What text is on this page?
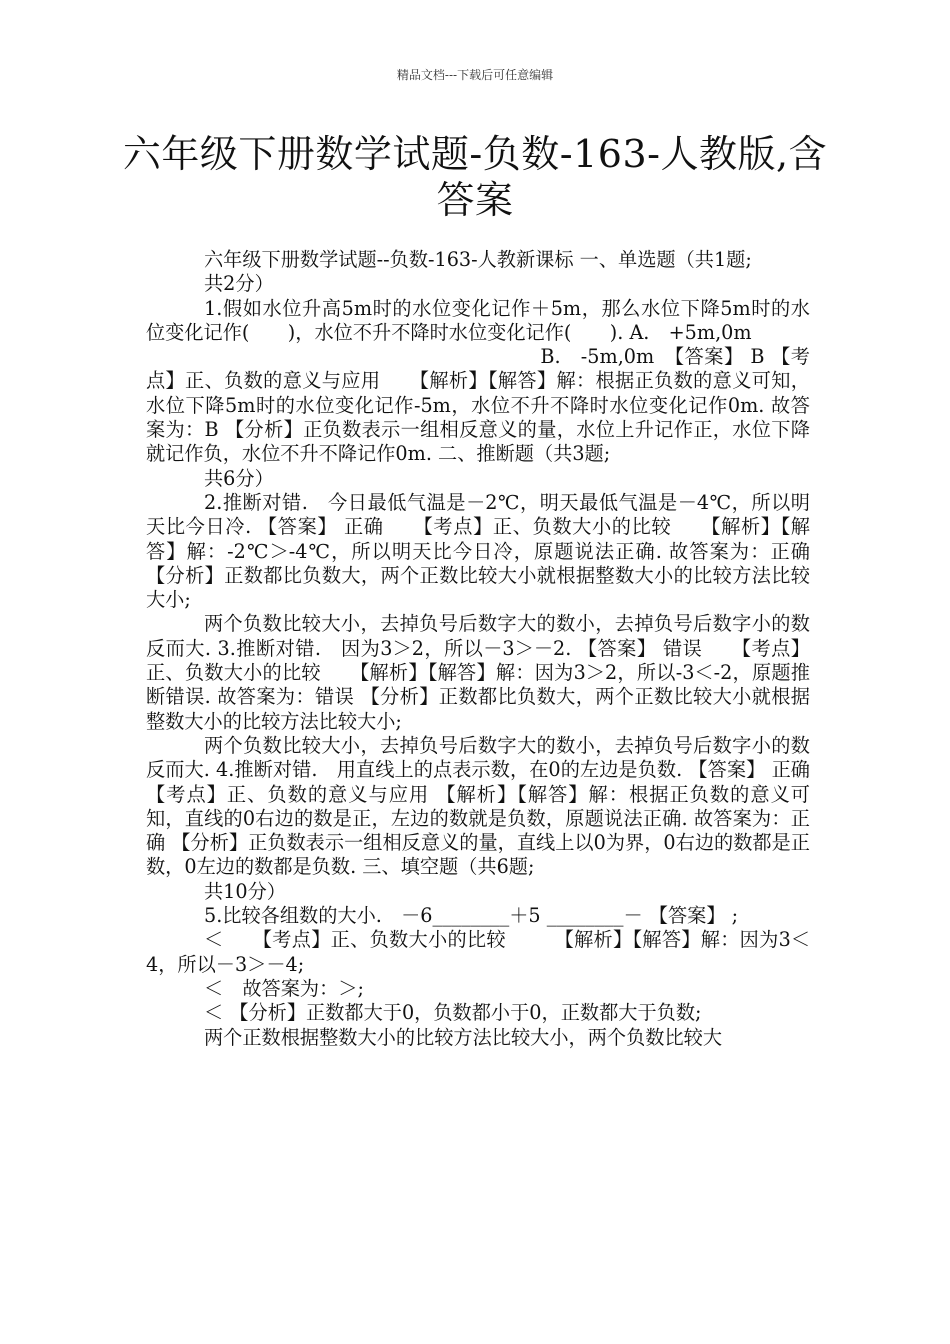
精品文档---下载后可任意编辑
六年级下册数学试题-负数-163-人教版,含
答案

六年级下册数学试题--负数-163-人教新课标 一、单选题（共1题;

共2分）

1.假如水位升高5m时的水位变化记作＋5m，那么水位下降5m时的水位变化记作(　　)，水位不升不降时水位变化记作(　　). A.　+5m,0m

　　　　　　　　　　　　　　　　　　　　B.　-5m,0m　【答案】 B 【考点】正、负数的意义与应用　　【解析】【解答】解：根据正负数的意义可知，水位下降5m时的水位变化记作-5m，水位不升不降时水位变化记作0m. 故答案为：B 【分析】正负数表示一组相反意义的量，水位上升记作正，水位下降就记作负，水位不升不降记作0m. 二、推断题（共3题;

共6分）

2.推断对错.　今日最低气温是－2℃，明天最低气温是－4℃，所以明天比今日冷. 【答案】 正确　　【考点】正、负数大小的比较　　【解析】【解答】解：-2℃＞-4℃，所以明天比今日冷，原题说法正确. 故答案为：正确 【分析】正数都比负数大，两个正数比较大小就根据整数大小的比较方法比较大小;

两个负数比较大小，去掉负号后数字大的数小，去掉负号后数字小的数反而大. 3.推断对错.　因为3＞2，所以－3＞－2. 【答案】 错误　　【考点】正、负数大小的比较　　【解析】【解答】解：因为3＞2，所以-3＜-2，原题推断错误. 故答案为：错误 【分析】正数都比负数大，两个正数比较大小就根据整数大小的比较方法比较大小;

两个负数比较大小，去掉负号后数字大的数小，去掉负号后数字小的数反而大. 4.推断对错.　用直线上的点表示数，在0的左边是负数. 【答案】 正确　　【考点】正、负数的意义与应用 【解析】【解答】解：根据正负数的意义可知，直线的0右边的数是正，左边的数就是负数，原题说法正确. 故答案为：正确 【分析】正负数表示一组相反意义的量，直线上以0为界，0右边的数都是正数，0左边的数都是负数. 三、填空题（共6题;

共10分）

5.比较各组数的大小.　－6________＋5 ________－ 【答案】 ;

＜　　【考点】正、负数大小的比较　　　【解析】【解答】解：因为3＜4，所以－3＞－4;

＜　故答案为：＞;

＜ 【分析】正数都大于0，负数都小于0，正数都大于负数;

两个正数根据整数大小的比较方法比较大小，两个负数比较大
